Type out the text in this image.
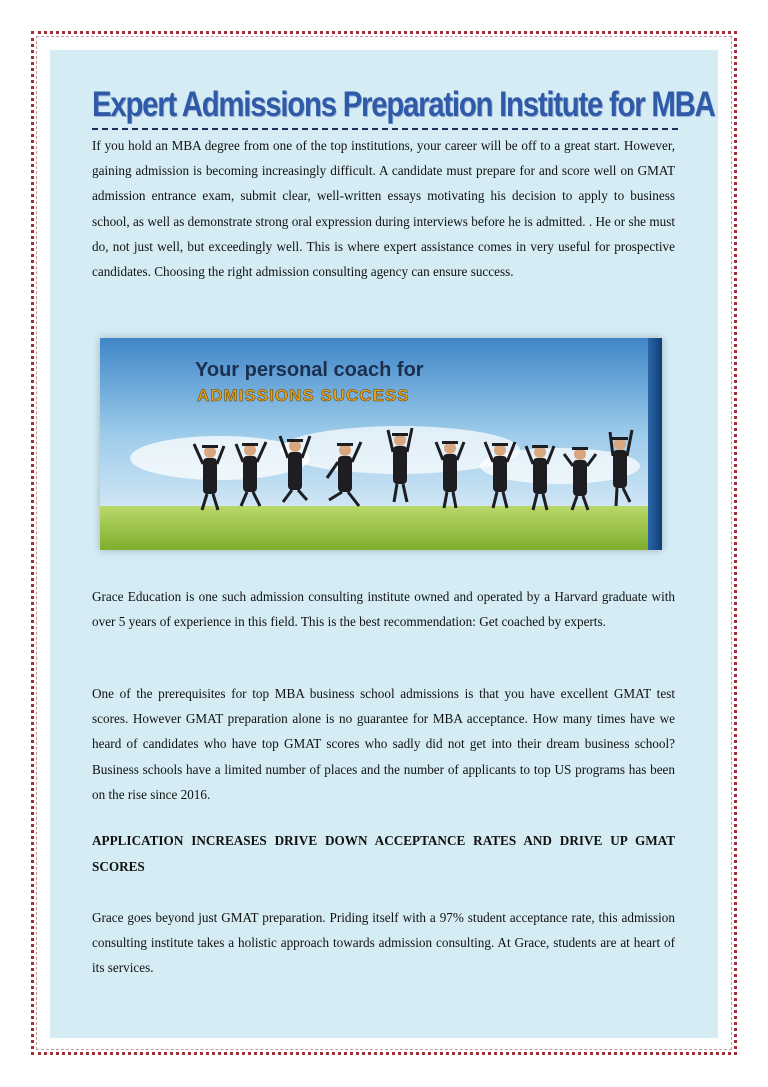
Expert Admissions Preparation Institute for MBA

If you hold an MBA degree from one of the top institutions, your career will be off to a great start. However, gaining admission is becoming increasingly difficult. A candidate must prepare for and score well on GMAT admission entrance exam, submit clear, well-written essays motivating his decision to apply to business school, as well as demonstrate strong oral expression during interviews before he is admitted. . He or she must do, not just well, but exceedingly well. This is where expert assistance comes in very useful for prospective candidates. Choosing the right admission consulting agency can ensure success.

Your personal coach for
ADMISSIONS SUCCESS

Grace Education is one such admission consulting institute owned and operated by a Harvard graduate with over 5 years of experience in this field. This is the best recommendation: Get coached by experts.

One of the prerequisites for top MBA business school admissions is that you have excellent GMAT test scores. However GMAT preparation alone is no guarantee for MBA acceptance. How many times have we heard of candidates who have top GMAT scores who sadly did not get into their dream business school? Business schools have a limited number of places and the number of applicants to top US programs has been on the rise since 2016.

APPLICATION INCREASES DRIVE DOWN ACCEPTANCE RATES AND DRIVE UP GMAT SCORES

Grace goes beyond just GMAT preparation. Priding itself with a 97% student acceptance rate, this admission consulting institute takes a holistic approach towards admission consulting. At Grace, students are at heart of its services.
